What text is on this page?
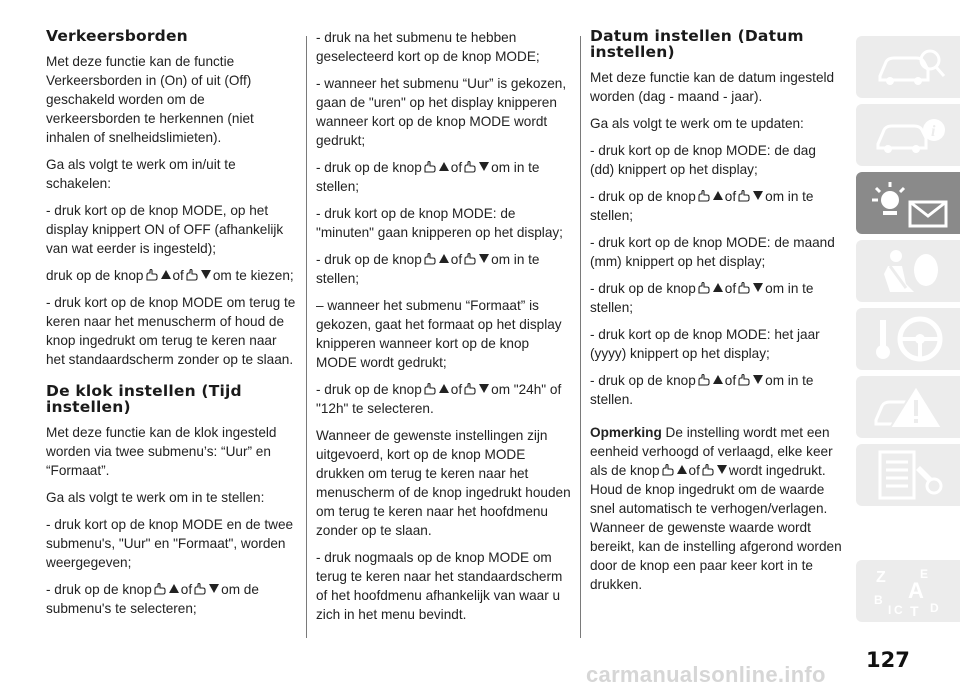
Verkeersborden

Met deze functie kan de functie Verkeersborden in (On) of uit (Off) geschakeld worden om de verkeersborden te herkennen (niet inhalen of snelheidslimieten).

Ga als volgt te werk om in/uit te schakelen:

- druk kort op de knop MODE, op het display knippert ON of OFF (afhankelijk van wat eerder is ingesteld);

druk op de knop of om te kiezen;

- druk kort op de knop MODE om terug te keren naar het menuscherm of houd de knop ingedrukt om terug te keren naar het standaardscherm zonder op te slaan.

De klok instellen (Tijd instellen)

Met deze functie kan de klok ingesteld worden via twee submenu’s: “Uur” en “Formaat”.

Ga als volgt te werk om in te stellen:

- druk kort op de knop MODE en de twee submenu's, "Uur" en "Formaat", worden weergegeven;

- druk op de knop of om de submenu's te selecteren;

- druk na het submenu te hebben geselecteerd kort op de knop MODE;

- wanneer het submenu “Uur” is gekozen, gaan de "uren" op het display knipperen wanneer kort op de knop MODE wordt gedrukt;

- druk op de knop of om in te stellen;

- druk kort op de knop MODE: de "minuten" gaan knipperen op het display;

- druk op de knop of om in te stellen;

– wanneer het submenu “Formaat” is gekozen, gaat het formaat op het display knipperen wanneer kort op de knop MODE wordt gedrukt;

- druk op de knop of om "24h" of "12h" te selecteren.

Wanneer de gewenste instellingen zijn uitgevoerd, kort op de knop MODE drukken om terug te keren naar het menuscherm of de knop ingedrukt houden om terug te keren naar het hoofdmenu zonder op te slaan.

- druk nogmaals op de knop MODE om terug te keren naar het standaardscherm of het hoofdmenu afhankelijk van waar u zich in het menu bevindt.

Datum instellen (Datum instellen)

Met deze functie kan de datum ingesteld worden (dag - maand - jaar).

Ga als volgt te werk om te updaten:

- druk kort op de knop MODE: de dag (dd) knippert op het display;

- druk op de knop of om in te stellen;

- druk kort op de knop MODE: de maand (mm) knippert op het display;

- druk op de knop of om in te stellen;

- druk kort op de knop MODE: het jaar (yyyy) knippert op het display;

- druk op de knop of om in te stellen.

Opmerking De instelling wordt met een eenheid verhoogd of verlaagd, elke keer als de knop of wordt ingedrukt. Houd de knop ingedrukt om de waarde snel automatisch te verhogen/verlagen. Wanneer de gewenste waarde wordt bereikt, kan de instelling afgerond worden door de knop een paar keer kort in te drukken.

i
Z	E
B A
I C T D
127
carmanualsonline.info
